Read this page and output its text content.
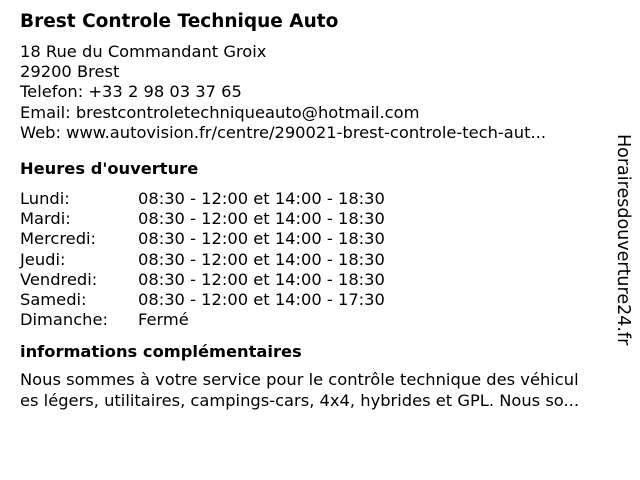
Brest Controle Technique Auto
18 Rue du Commandant Groix
29200 Brest
Telefon: +33 2 98 03 37 65
Email: brestcontroletechniqueauto@hotmail.com
Web: www.autovision.fr/centre/290021-brest-controle-tech-aut...
Heures d'ouverture
Lundi:	08:30 - 12:00 et 14:00 - 18:30
Mardi:	08:30 - 12:00 et 14:00 - 18:30
Mercredi:	08:30 - 12:00 et 14:00 - 18:30
Jeudi:	08:30 - 12:00 et 14:00 - 18:30
Vendredi:	08:30 - 12:00 et 14:00 - 18:30
Samedi:	08:30 - 12:00 et 14:00 - 17:30
Dimanche:	Fermé
informations complémentaires
Nous sommes à votre service pour le contrôle technique des véhicul
es légers, utilitaires, campings-cars, 4x4, hybrides et GPL. Nous so...
Horairesdouverture24.fr
